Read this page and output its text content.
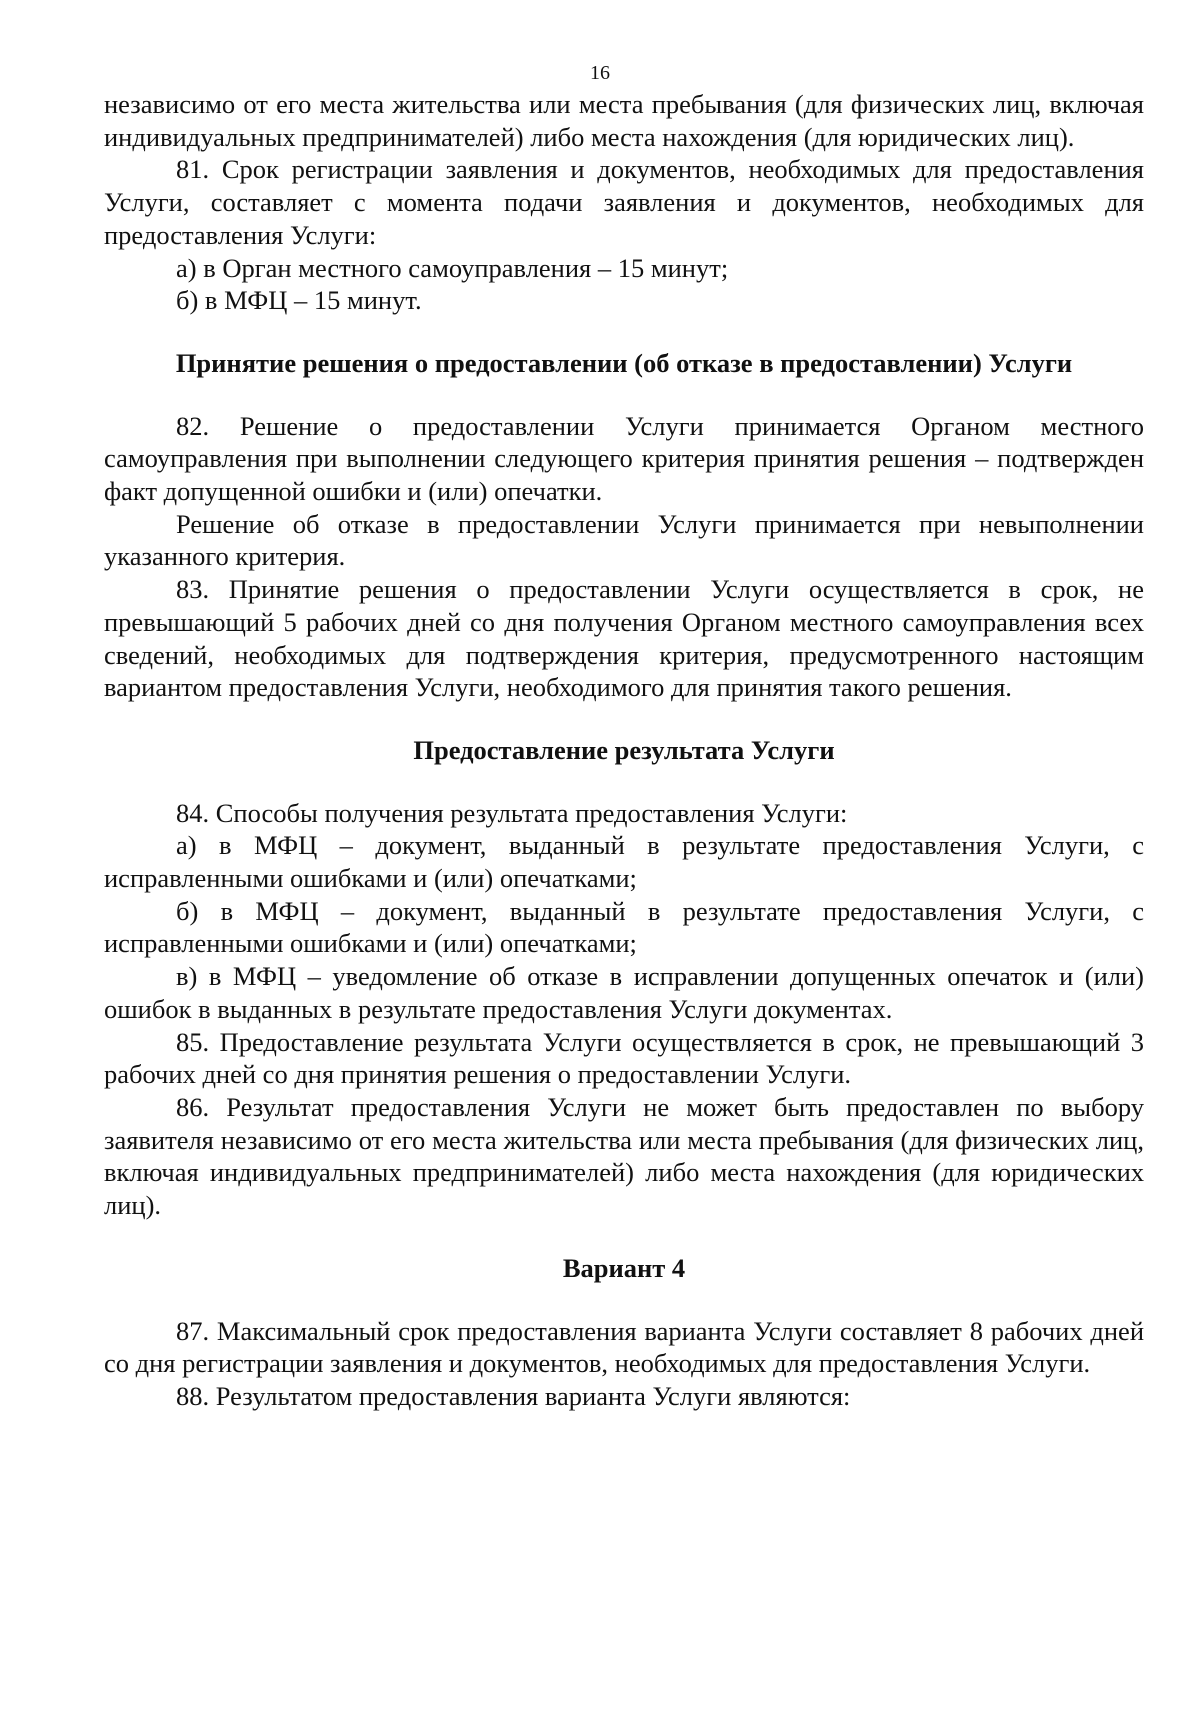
16

независимо от его места жительства или места пребывания (для физических лиц, включая индивидуальных предпринимателей) либо места нахождения (для юридических лиц).

81. Срок регистрации заявления и документов, необходимых для предоставления Услуги, составляет с момента подачи заявления и документов, необходимых для предоставления Услуги:

а) в Орган местного самоуправления – 15 минут;

б) в МФЦ – 15 минут.

Принятие решения о предоставлении (об отказе в предоставлении) Услуги

82. Решение о предоставлении Услуги принимается Органом местного самоуправления при выполнении следующего критерия принятия решения – подтвержден факт допущенной ошибки и (или) опечатки.

Решение об отказе в предоставлении Услуги принимается при невыполнении указанного критерия.

83. Принятие решения о предоставлении Услуги осуществляется в срок, не превышающий 5 рабочих дней со дня получения Органом местного самоуправления всех сведений, необходимых для подтверждения критерия, предусмотренного настоящим вариантом предоставления Услуги, необходимого для принятия такого решения.

Предоставление результата Услуги

84. Способы получения результата предоставления Услуги:

а) в МФЦ – документ, выданный в результате предоставления Услуги, с исправленными ошибками и (или) опечатками;

б) в МФЦ – документ, выданный в результате предоставления Услуги, с исправленными ошибками и (или) опечатками;

в) в МФЦ – уведомление об отказе в исправлении допущенных опечаток и (или) ошибок в выданных в результате предоставления Услуги документах.

85. Предоставление результата Услуги осуществляется в срок, не превышающий 3 рабочих дней со дня принятия решения о предоставлении Услуги.

86. Результат предоставления Услуги не может быть предоставлен по выбору заявителя независимо от его места жительства или места пребывания (для физических лиц, включая индивидуальных предпринимателей) либо места нахождения (для юридических лиц).

Вариант 4

87. Максимальный срок предоставления варианта Услуги составляет 8 рабочих дней со дня регистрации заявления и документов, необходимых для предоставления Услуги.

88. Результатом предоставления варианта Услуги являются:
